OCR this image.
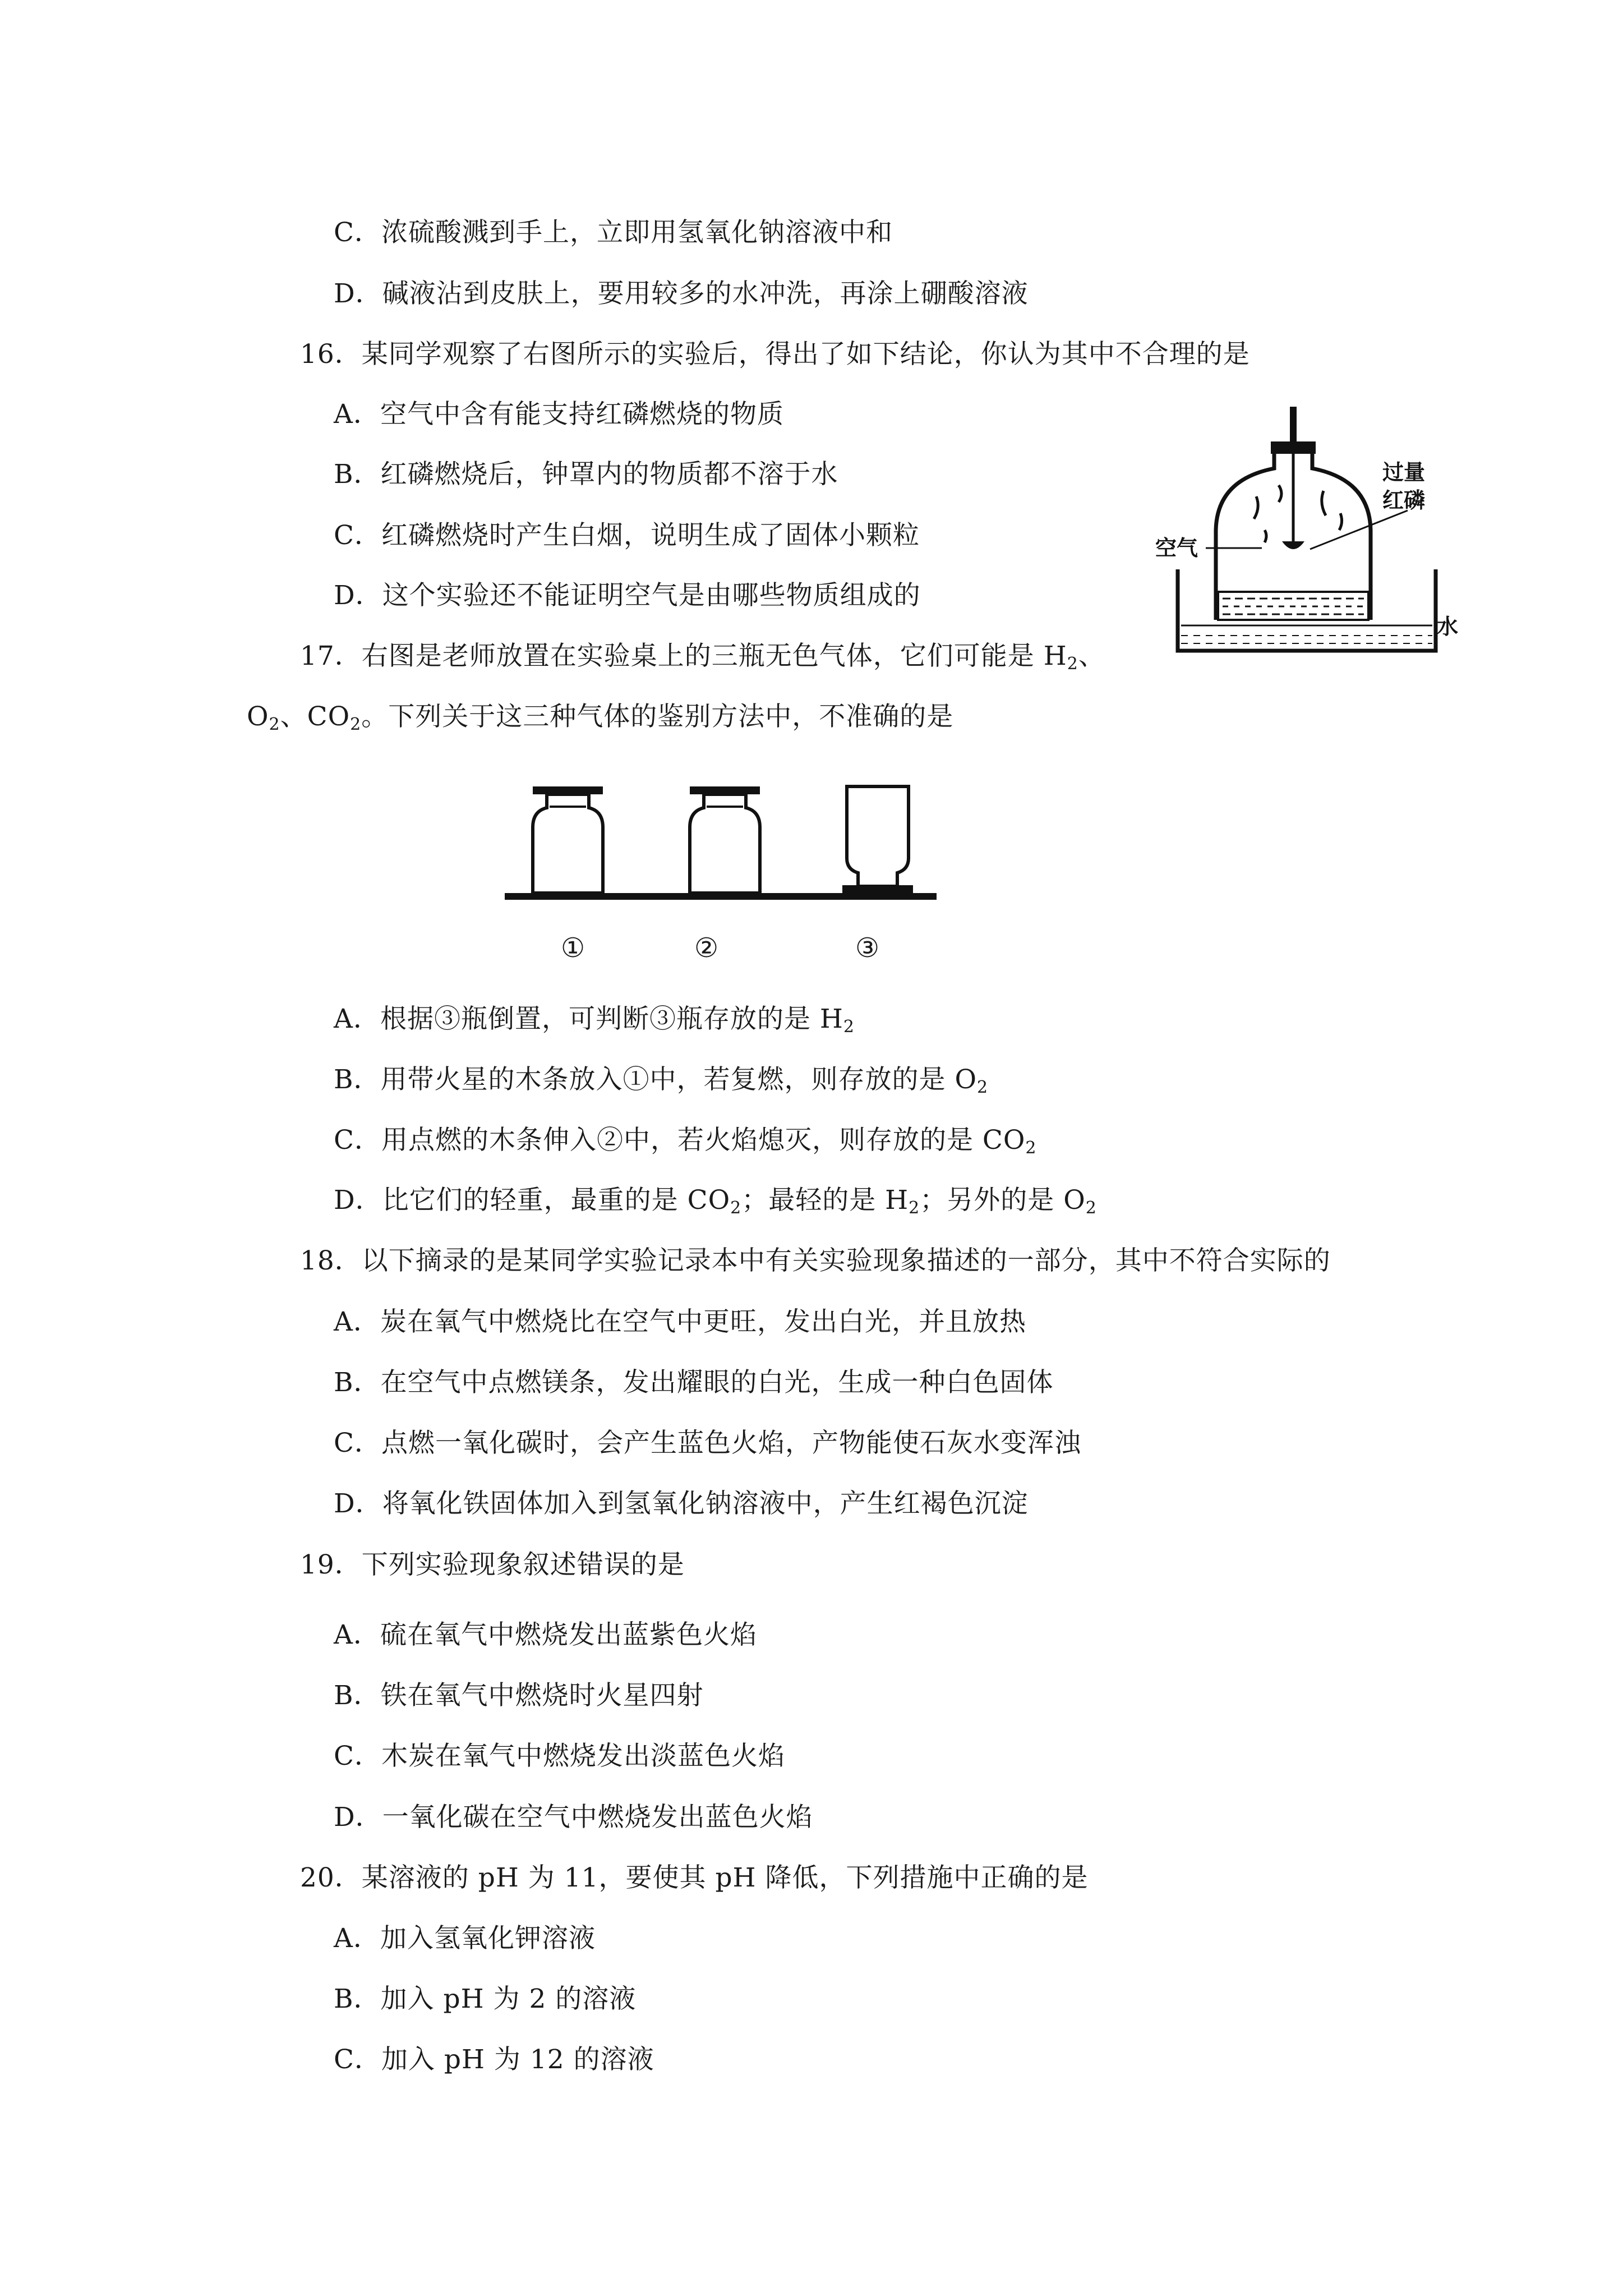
C．浓硫酸溅到手上，立即用氢氧化钠溶液中和
D．碱液沾到皮肤上，要用较多的水冲洗，再涂上硼酸溶液
16．某同学观察了右图所示的实验后，得出了如下结论，你认为其中不合理的是
A．空气中含有能支持红磷燃烧的物质
B．红磷燃烧后，钟罩内的物质都不溶于水
C．红磷燃烧时产生白烟，说明生成了固体小颗粒
D．这个实验还不能证明空气是由哪些物质组成的
过量
红磷
空气
水
17．右图是老师放置在实验桌上的三瓶无色气体，它们可能是 $H_2$、
$O_2$、$CO_2$。下列关于这三种气体的鉴别方法中，不准确的是
①	②	③
A．根据③瓶倒置，可判断③瓶存放的是 $H_2$
B．用带火星的木条放入①中，若复燃，则存放的是 $O_2$
C．用点燃的木条伸入②中，若火焰熄灭，则存放的是 $CO_2$
D．比它们的轻重，最重的是 $CO_2$；最轻的是 $H_2$；另外的是 $O_2$
18．以下摘录的是某同学实验记录本中有关实验现象描述的一部分，其中不符合实际的
A．炭在氧气中燃烧比在空气中更旺，发出白光，并且放热
B．在空气中点燃镁条，发出耀眼的白光，生成一种白色固体
C．点燃一氧化碳时，会产生蓝色火焰，产物能使石灰水变浑浊
D．将氧化铁固体加入到氢氧化钠溶液中，产生红褐色沉淀
19．下列实验现象叙述错误的是
A．硫在氧气中燃烧发出蓝紫色火焰
B．铁在氧气中燃烧时火星四射
C．木炭在氧气中燃烧发出淡蓝色火焰
D．一氧化碳在空气中燃烧发出蓝色火焰
20．某溶液的 pH 为 11，要使其 pH 降低，下列措施中正确的是
A．加入氢氧化钾溶液
B．加入 pH 为 2 的溶液
C．加入 pH 为 12 的溶液
